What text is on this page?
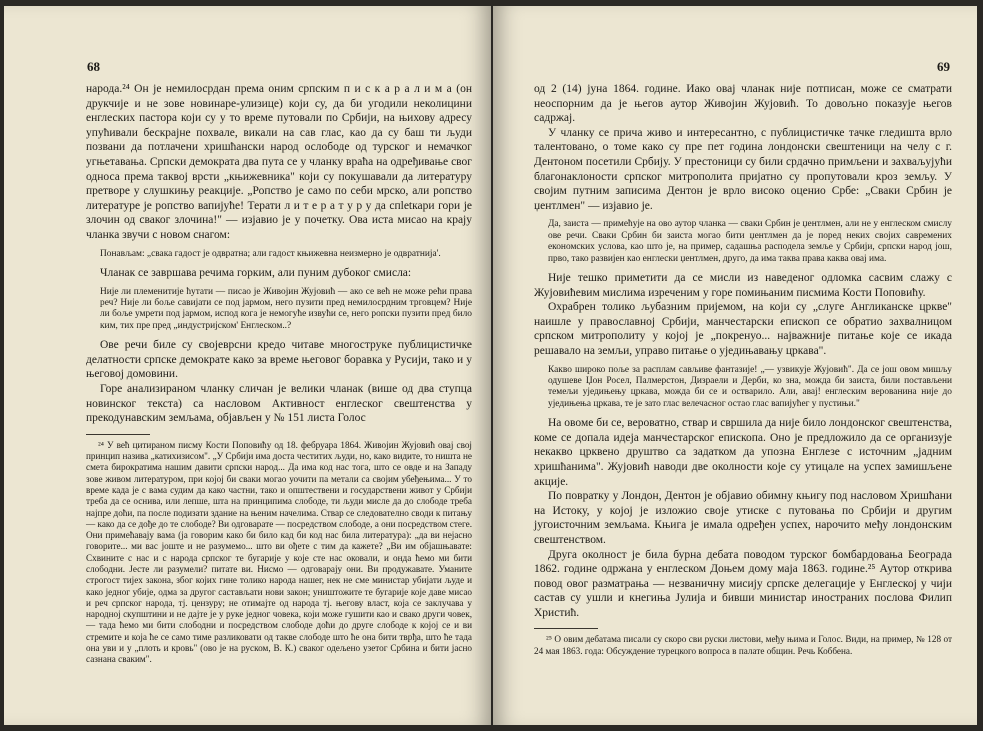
68

народа.²⁴ Он је немилосрдан према оним српским п и с к а р а л и м а (он друкчије и не зове новинаре-улизице) који су, да би угодили неколицини енглеских пастора који су у то време путовали по Србији, на њихову адресу упућивали бескрајне похвале, викали на сав глас, као да су баш ти људи позвани да потлачени хришћански народ ослободе од турског и немачког угњетавања. Српски демократа два пута се у чланку враћа на одређивање свог односа према таквој врсти „књижевника" који су покушавали да литературу претворе у слушкињу реакције. „Ропство је само по себи мрско, али ропство литературе је ропство вапијуће! Терати л и т е р а т у р у да спletкари гори је злочин од сваког злочина!" — изјавио је у почетку. Ова иста мисао на крају чланка звучи с новом снагом:

Понављам: „свака гадост је одвратна; али гадост књижевна неизмерно је одвратнија'.

Чланак се завршава речима горким, али пуним дубоког смисла:

Није ли племенитије ћутати — писао је Живојин Жујовић — ако се већ не може рећи права реч? Није ли боље савијати се под јармом, него пузити пред немилосрдним трговцем? Није ли боље умрети под јармом, испод кога је немогуће извући се, него ропски пузити пред било ким, тих пре пред „индустријском' Енглеском..?

Ове речи биле су својеврсни кредо читаве многострукe публицистичке делатности српске демократе како за време његовог боравка у Русији, тако и у његовој домовини.

Горе анализираном чланку сличан је велики чланак (више од два ступца новинског текста) са насловом Активност енглеског свештенства у прекодунавским земљама, објављен у № 151 листа Голос

²⁴ У већ цитираном писму Кости Поповићу од 18. фебруара 1864. Живојин Жујовић овај свој принцип назива „катихизисом". „У Србији има доста честитих људи, но, како видите, то ништа не смета бирократима нашим давити српски народ... Да има код нас тога, што се овде и на Западу зове живом литературом, при којој би сваки могао уочити па метали са својим убеђењима... У то време када је с вама судим да како частни, тако и општествени и государствени живот у Србији треба да се оснива, или лепше, шта на принципима слободе, ти људи мисле да до слободе треба најпре доћи, па после подизати здание на њеним начелима. Ствар се следователно своди к питању — како да се дође до те слободе? Ви одговарате — посредством слободе, а они посредством стеге. Они примећавају вама (ја говорим како би било кад би код нас била литература): „да ви нејасно говорите... ми вас јоште и не разумемо... што ви ођете с тим да кажете? „Ви им објашњавате: Схвините с нас и с народа српског те бугарије у које сте нас оковали, и онда ћемо ми бити слободни. Јесте ли разумели? питате ви. Нисмо — одговарају они. Ви продужавате. Уманите строгост тијех закона, због којих гине толико народа нашег, нек не сме министар убијати људе и како једног убије, одма за другог састављати нови закон; уништожите те бугарије које даве мисао и реч српског народа, тј. цензуру; не отимајте од народа тј. његову власт, која се заклучава у народној скупштини и не дајте је у руке једног човека, који може гушити као и свако други човек, — тада ћемо ми бити слободни и посредством слободе доћи до друге слободе к којој се и ви стремите и која ће се само тиме разликовати од такве слободе што ће она бити тврђа, што ће тада она уви и у „плоть и кровь" (ово је на руском, В. К.) сваког одељено узетог Србина и бити јасно сазнана сваким".

69

од 2 (14) јуна 1864. године. Иако овај чланак није потписан, може се сматрати неоспорним да је његов аутор Живојин Жујовић. То довољно показује његов садржај.

У чланку се прича живо и интересантно, с публицистичке тачке гледишта врло талентовано, о томе како су пре пет година лондонски свештеници на челу с г. Дентоном посетили Србију. У престоници су били срдачно примљени и захваљујући благонаклоности српског митрополита пријатно су пропутовали кроз земљу. У својим путним записима Дентон је врло високо оценио Србе: „Сваки Србин је џентлмен" — изјавио је.

Да, заиста — примећује на ово аутор чланка — сваки Србин је џентлмен, али не у енглеском смислу ове речи. Сваки Србин би заиста могао бити џентлмен да је поред неких својих савремених економских услова, као што је, на пример, садашња расподела земље у Србији, српски народ још, прво, тако развијен као енглески џентлмен, друго, да има таква права каква овај има.

Није тешко приметити да се мисли из наведеног одломка сасвим слажу с Жујовићевим мислима изреченим у горе помињаним писмима Кости Поповићу.

Охрабрен толико љубазним пријемом, на који су „слуге Англиканске цркве" наишле у православној Србији, манчестарски епископ се обратио захвалницом српском митрополиту у којој је „покренуо... најважније питање које се икада решавало на земљи, управо питање о уједињавању цркава".

Какво широко поље за расплам сављиве фантазије! „— узвикује Жујовић". Да се још овом мишљу одушеве Џон Росел, Палмерстон, Дизраели и Дерби, ко зна, можда би заиста, били постављени темељи уједињењу цркава, можда би се и остварило. Али, авај! енглеским верованина није до уједињења цркава, те је зато глас велечасног остао глас вапијућег у пустињи."

На овоме би се, вероватно, ствар и свршила да није било лондонског свештенства, коме се допала идеја манчестарског епископа. Оно је предложило да се организује некакво црквено друштво са задатком да упозна Енглезе с источним „јадним хришћанима". Жујовић наводи две околности које су утицале на успех замишљене акције.

По повратку у Лондон, Дентон је објавио обимну књигу под насловом Хришћани на Истоку, у којој је изложио своје утиске с путовања по Србији и другим југоисточним земљама. Књига је имала одређен успех, нарочито међу лондонским свештенством.

Друга околност је била бурна дебата поводом турског бомбардовања Београда 1862. године одржана у енглеском Доњем дому маја 1863. године.²⁵ Аутор открива повод овог разматрања — незваничну мисију српске делегације у Енглеској у чији састав су ушли и кнегиња Јулија и бивши министар иностраних послова Филип Христић.

²⁵ О овим дебатама писали су скоро сви руски листови, међу њима и Голос. Види, на пример, № 128 от 24 мая 1863. года: Обсуждение турецкого вопроса в палате общин. Речь Коббена.
